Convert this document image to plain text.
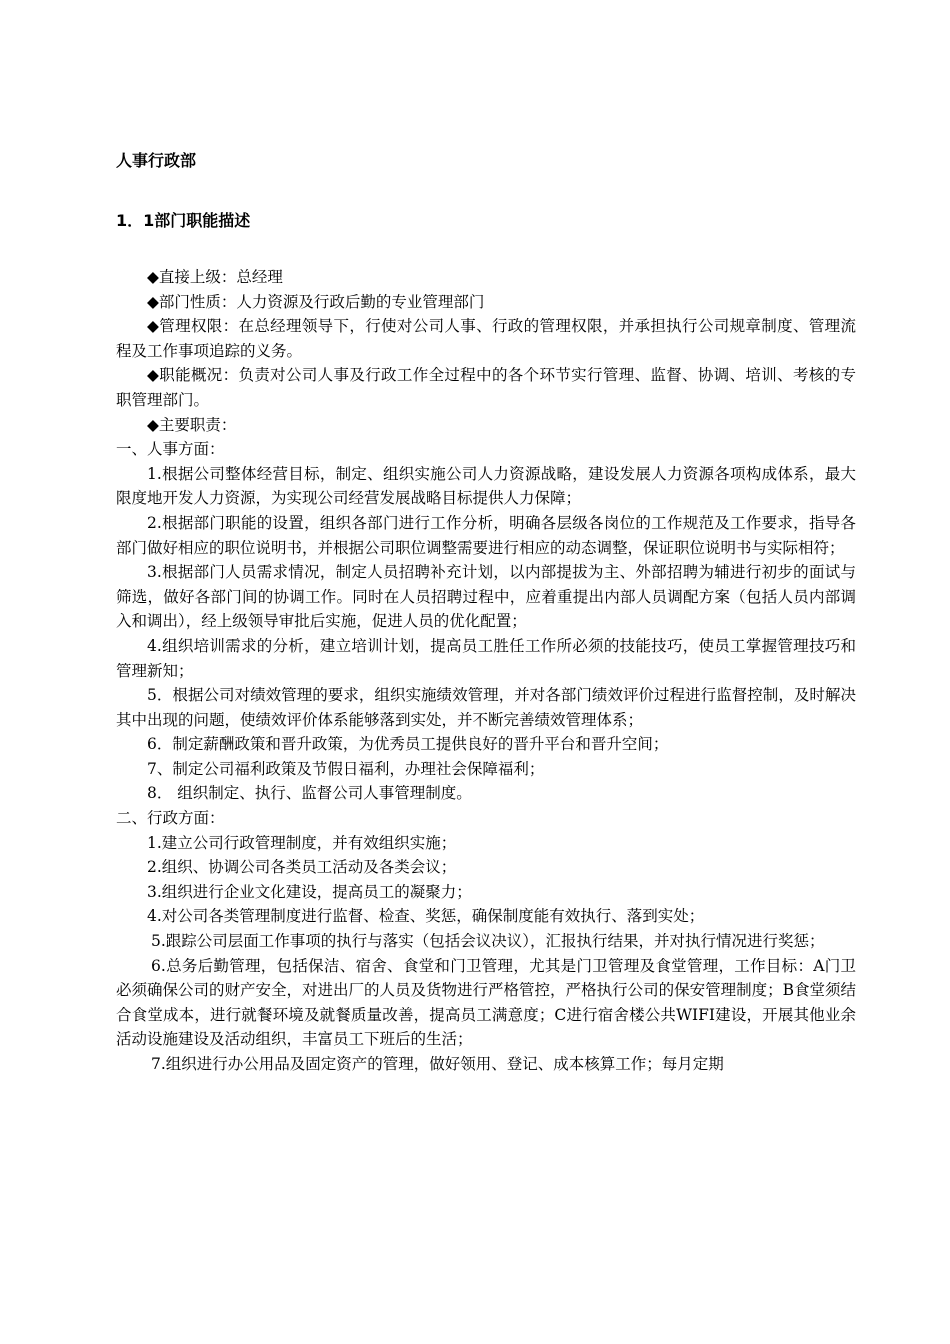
人事行政部
1．1部门职能描述

◆直接上级：总经理

◆部门性质：人力资源及行政后勤的专业管理部门

◆管理权限：在总经理领导下，行使对公司人事、行政的管理权限，并承担执行公司规章制度、管理流程及工作事项追踪的义务。

◆职能概况：负责对公司人事及行政工作全过程中的各个环节实行管理、监督、协调、培训、考核的专职管理部门。

◆主要职责：

一、人事方面：

1.根据公司整体经营目标，制定、组织实施公司人力资源战略，建设发展人力资源各项构成体系，最大限度地开发人力资源，为实现公司经营发展战略目标提供人力保障；

2.根据部门职能的设置，组织各部门进行工作分析，明确各层级各岗位的工作规范及工作要求，指导各部门做好相应的职位说明书，并根据公司职位调整需要进行相应的动态调整，保证职位说明书与实际相符；

3.根据部门人员需求情况，制定人员招聘补充计划，以内部提拔为主、外部招聘为辅进行初步的面试与筛选，做好各部门间的协调工作。同时在人员招聘过程中，应着重提出内部人员调配方案（包括人员内部调入和调出），经上级领导审批后实施，促进人员的优化配置；

4.组织培训需求的分析，建立培训计划，提高员工胜任工作所必须的技能技巧，使员工掌握管理技巧和管理新知；

5．根据公司对绩效管理的要求，组织实施绩效管理，并对各部门绩效评价过程进行监督控制，及时解决其中出现的问题，使绩效评价体系能够落到实处，并不断完善绩效管理体系；

6．制定薪酬政策和晋升政策，为优秀员工提供良好的晋升平台和晋升空间；

7、制定公司福利政策及节假日福利，办理社会保障福利；

8． 组织制定、执行、监督公司人事管理制度。

二、行政方面：

1.建立公司行政管理制度，并有效组织实施；

2.组织、协调公司各类员工活动及各类会议；

3.组织进行企业文化建设，提高员工的凝聚力；

4.对公司各类管理制度进行监督、检查、奖惩，确保制度能有效执行、落到实处；

5.跟踪公司层面工作事项的执行与落实（包括会议决议），汇报执行结果，并对执行情况进行奖惩；

6.总务后勤管理，包括保洁、宿舍、食堂和门卫管理，尤其是门卫管理及食堂管理，工作目标：A门卫必须确保公司的财产安全，对进出厂的人员及货物进行严格管控，严格执行公司的保安管理制度；B食堂须结合食堂成本，进行就餐环境及就餐质量改善，提高员工满意度；C进行宿舍楼公共WIFI建设，开展其他业余活动设施建设及活动组织，丰富员工下班后的生活；

7.组织进行办公用品及固定资产的管理，做好领用、登记、成本核算工作；每月定期
